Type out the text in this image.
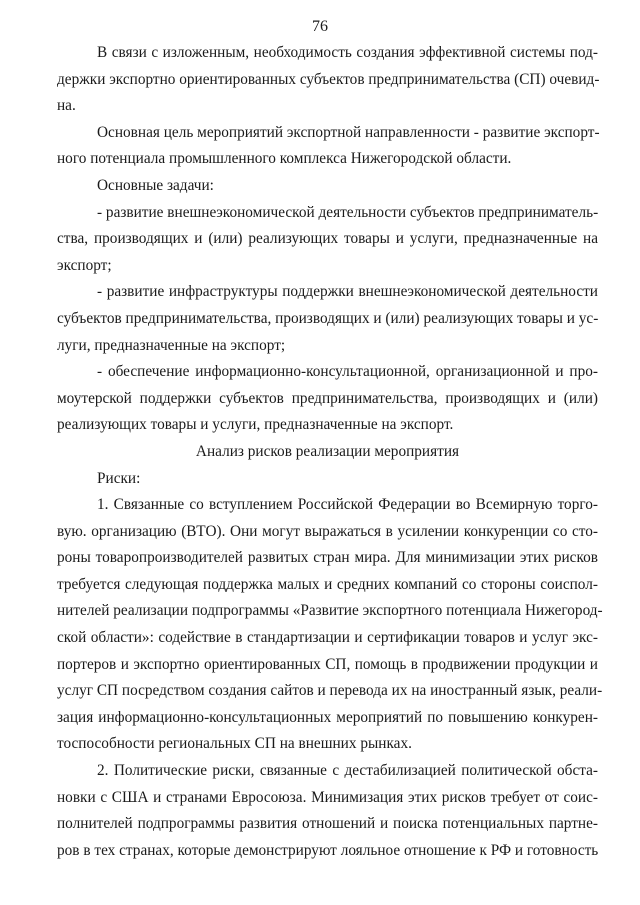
76
В связи с изложенным, необходимость создания эффективной системы под-
держки экспортно ориентированных субъектов предпринимательства (СП) очевид-
на.
Основная цель мероприятий экспортной направленности - развитие экспорт-
ного потенциала промышленного комплекса Нижегородской области.
Основные задачи:
- развитие внешнеэкономической деятельности субъектов предприниматель-
ства, производящих и (или) реализующих товары и услуги, предназначенные на
экспорт;
- развитие инфраструктуры поддержки внешнеэкономической деятельности
субъектов предпринимательства, производящих и (или) реализующих товары и ус-
луги, предназначенные на экспорт;
- обеспечение информационно-консультационной, организационной и про-
моутерской поддержки субъектов предпринимательства, производящих и (или)
реализующих товары и услуги, предназначенные на экспорт.
Анализ рисков реализации мероприятия
Риски:
1. Связанные со вступлением Российской Федерации во Всемирную торго-
вую. организацию (ВТО). Они могут выражаться в усилении конкуренции со сто-
роны товаропроизводителей развитых стран мира. Для минимизации этих рисков
требуется следующая поддержка малых и средних компаний со стороны соиспол-
нителей реализации подпрограммы «Развитие экспортного потенциала Нижегород-
ской области»: содействие в стандартизации и сертификации товаров и услуг экс-
портеров и экспортно ориентированных СП, помощь в продвижении продукции и
услуг СП посредством создания сайтов и перевода их на иностранный язык, реали-
зация информационно-консультационных мероприятий по повышению конкурен-
тоспособности региональных СП на внешних рынках.
2. Политические риски, связанные с дестабилизацией политической обста-
новки с США и странами Евросоюза. Минимизация этих рисков требует от соис-
полнителей подпрограммы развития отношений и поиска потенциальных партне-
ров в тех странах, которые демонстрируют лояльное отношение к РФ и готовность
